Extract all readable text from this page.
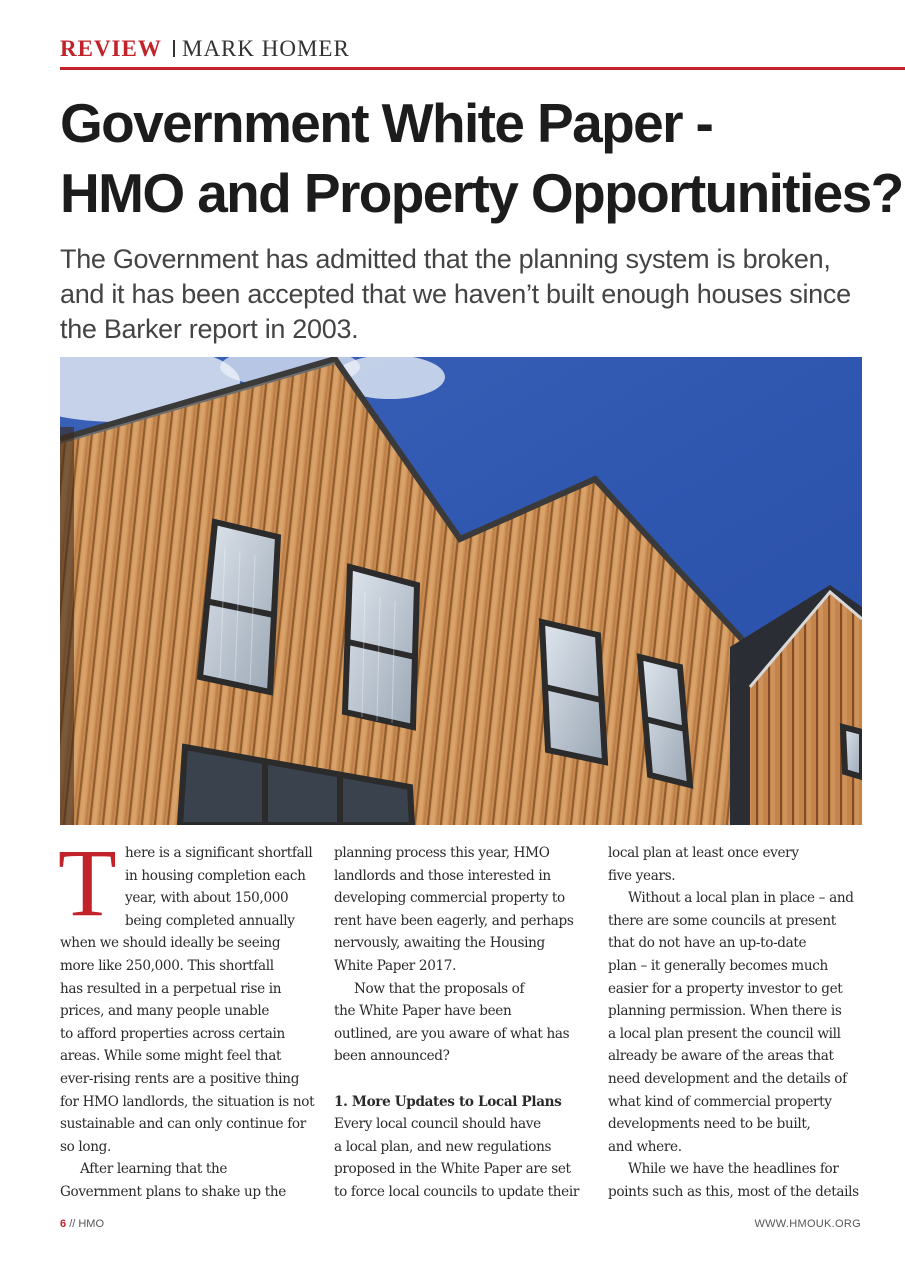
REVIEW MARK HOMER
Government White Paper -
HMO and Property Opportunities?
The Government has admitted that the planning system is broken,
and it has been accepted that we haven’t built enough houses since
the Barker report in 2003.
T here is a significant shortfall
in housing completion each
year, with about 150,000
being completed annually
when we should ideally be seeing
more like 250,000. This shortfall
has resulted in a perpetual rise in
prices, and many people unable
to afford properties across certain
areas. While some might feel that
ever-rising rents are a positive thing
for HMO landlords, the situation is not
sustainable and can only continue for
so long.
After learning that the
Government plans to shake up the
planning process this year, HMO
landlords and those interested in
developing commercial property to
rent have been eagerly, and perhaps
nervously, awaiting the Housing
White Paper 2017.
Now that the proposals of
the White Paper have been
outlined, are you aware of what has
been announced?
1. More Updates to Local Plans
Every local council should have
a local plan, and new regulations
proposed in the White Paper are set
to force local councils to update their
local plan at least once every
five years.
Without a local plan in place – and
there are some councils at present
that do not have an up-to-date
plan – it generally becomes much
easier for a property investor to get
planning permission. When there is
a local plan present the council will
already be aware of the areas that
need development and the details of
what kind of commercial property
developments need to be built,
and where.
While we have the headlines for
points such as this, most of the details
6 // HMO	WWW.HMOUK.ORG
